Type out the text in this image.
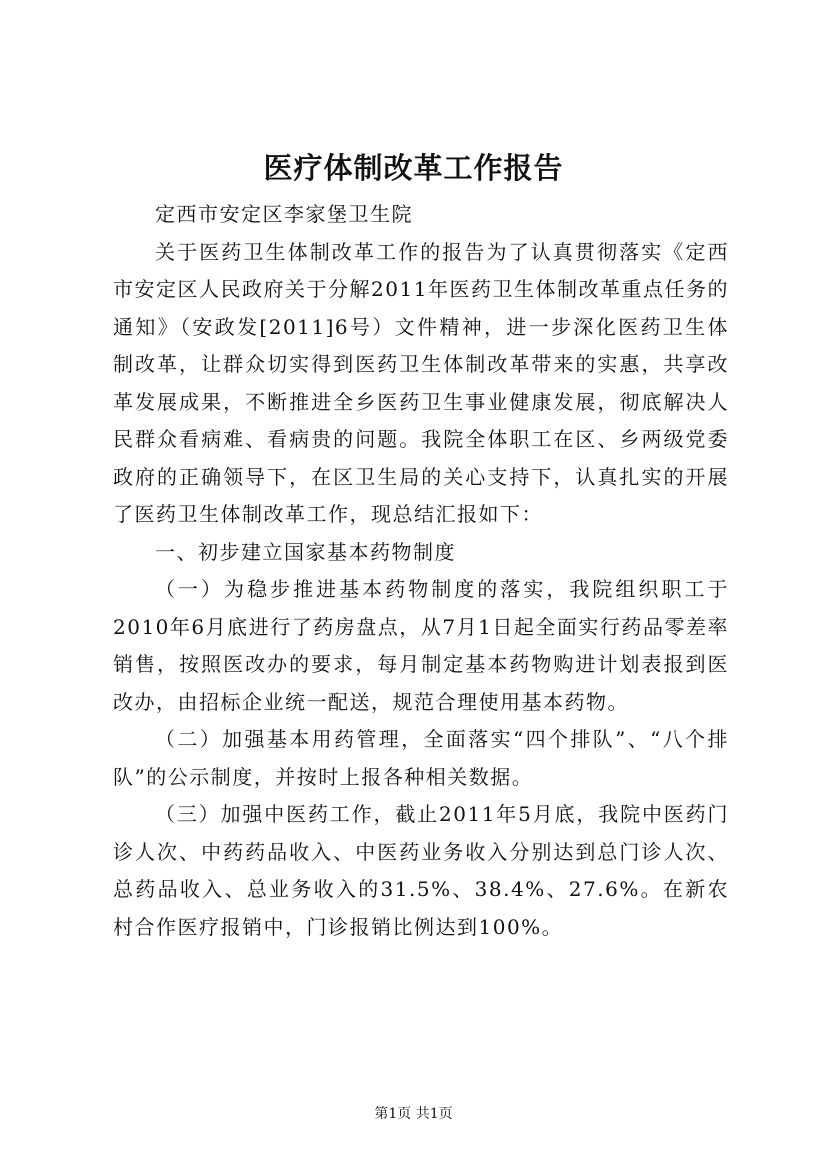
医疗体制改革工作报告

定西市安定区李家堡卫生院

关于医药卫生体制改革工作的报告为了认真贯彻落实《定西市安定区人民政府关于分解2011年医药卫生体制改革重点任务的通知》（安政发[2011]6号）文件精神，进一步深化医药卫生体制改革，让群众切实得到医药卫生体制改革带来的实惠，共享改革发展成果，不断推进全乡医药卫生事业健康发展，彻底解决人民群众看病难、看病贵的问题。我院全体职工在区、乡两级党委政府的正确领导下，在区卫生局的关心支持下，认真扎实的开展了医药卫生体制改革工作，现总结汇报如下：

一、初步建立国家基本药物制度

（一）为稳步推进基本药物制度的落实，我院组织职工于2010年6月底进行了药房盘点，从7月1日起全面实行药品零差率销售，按照医改办的要求，每月制定基本药物购进计划表报到医改办，由招标企业统一配送，规范合理使用基本药物。

（二）加强基本用药管理，全面落实“四个排队”、“八个排队”的公示制度，并按时上报各种相关数据。

（三）加强中医药工作，截止2011年5月底，我院中医药门诊人次、中药药品收入、中医药业务收入分别达到总门诊人次、总药品收入、总业务收入的31.5%、38.4%、27.6%。在新农村合作医疗报销中，门诊报销比例达到100%。

第1页 共1页
